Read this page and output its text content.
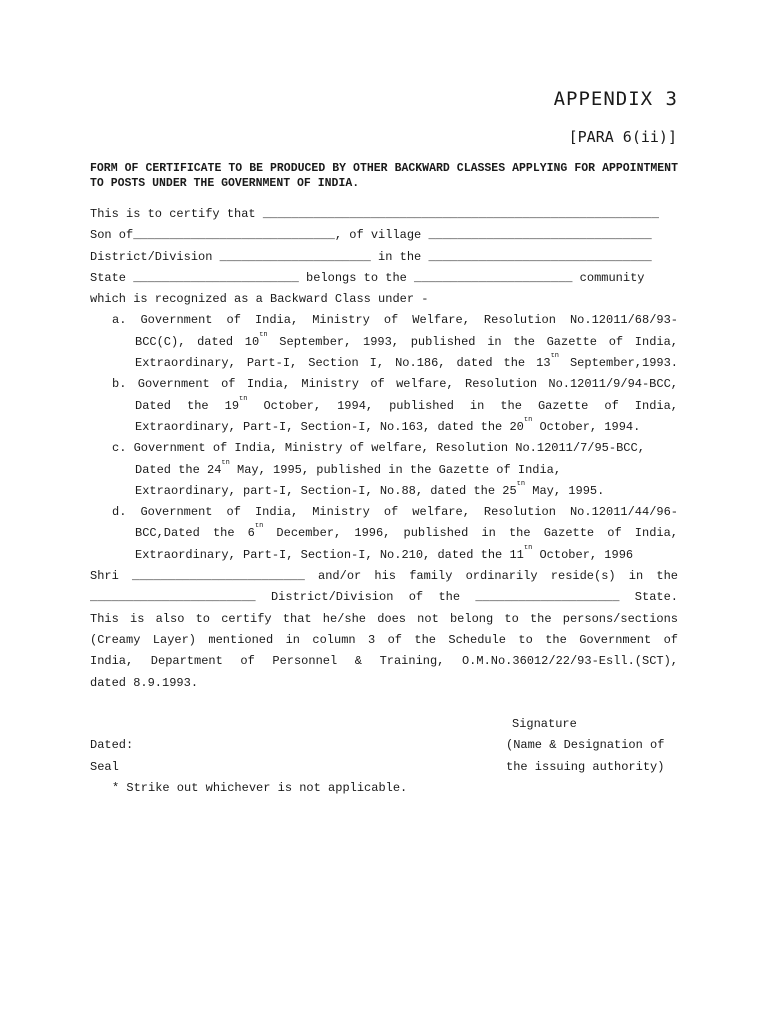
APPENDIX 3
[PARA 6(ii)]
FORM OF CERTIFICATE TO BE PRODUCED BY OTHER BACKWARD CLASSES APPLYING FOR APPOINTMENT TO POSTS UNDER THE GOVERNMENT OF INDIA.
This is to certify that _______________________________________________________
Son of____________________________, of village _______________________________
District/Division _____________________ in the _______________________________
State _______________________ belongs to the ______________________ community
which is recognized as a Backward Class under -
a. Government of India, Ministry of Welfare, Resolution No.12011/68/93-
BCC(C), dated 10th September, 1993, published in the Gazette of India,
Extraordinary, Part-I, Section I, No.186, dated the 13th September,1993.
b. Government of India, Ministry of welfare, Resolution No.12011/9/94-BCC,
Dated the 19th October, 1994, published in the Gazette of India,
Extraordinary, Part-I, Section-I, No.163, dated the 20th October, 1994.
c. Government of India, Ministry of welfare, Resolution No.12011/7/95-BCC,
Dated the 24th May, 1995, published in the Gazette of India,
Extraordinary, part-I, Section-I, No.88, dated the 25th May, 1995.
d. Government of India, Ministry of welfare, Resolution No.12011/44/96-
BCC,Dated the 6th December, 1996, published in the Gazette of India,
Extraordinary, Part-I, Section-I, No.210, dated the 11th October, 1996
Shri ________________________ and/or his family ordinarily reside(s) in the
_______________________ District/Division of the ____________________ State.
This is also to certify that he/she does not belong to the persons/sections
(Creamy Layer) mentioned in column 3 of the Schedule to the Government of
India, Department of Personnel & Training, O.M.No.36012/22/93-Esll.(SCT),
dated 8.9.1993.
Signature
Dated:	(Name & Designation of
Seal	the issuing authority)
* Strike out whichever is not applicable.
